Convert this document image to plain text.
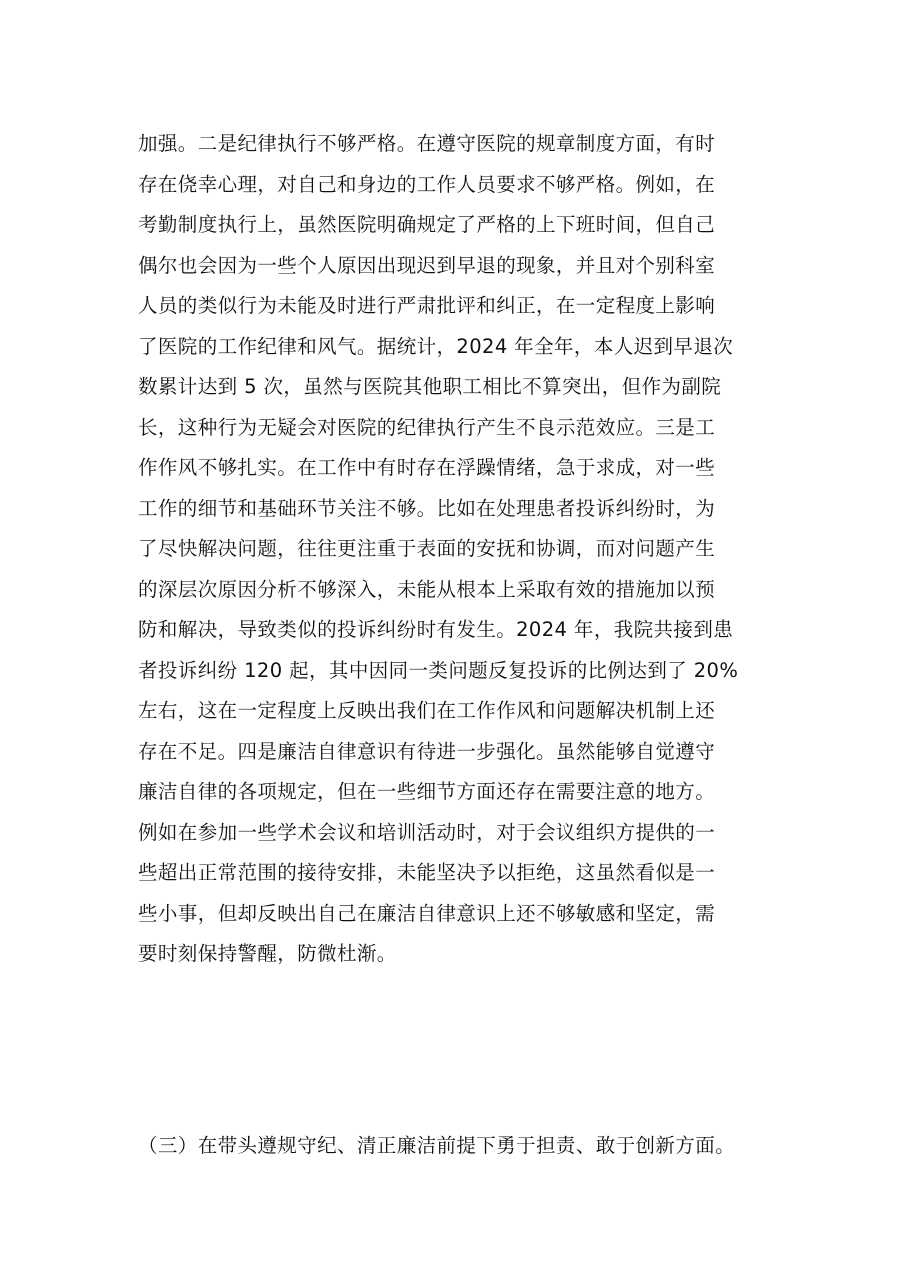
加强。二是纪律执行不够严格。在遵守医院的规章制度方面，有时
存在侥幸心理，对自己和身边的工作人员要求不够严格。例如，在
考勤制度执行上，虽然医院明确规定了严格的上下班时间，但自己
偶尔也会因为一些个人原因出现迟到早退的现象，并且对个别科室
人员的类似行为未能及时进行严肃批评和纠正，在一定程度上影响
了医院的工作纪律和风气。据统计，2024 年全年，本人迟到早退次
数累计达到 5 次，虽然与医院其他职工相比不算突出，但作为副院
长，这种行为无疑会对医院的纪律执行产生不良示范效应。三是工
作作风不够扎实。在工作中有时存在浮躁情绪，急于求成，对一些
工作的细节和基础环节关注不够。比如在处理患者投诉纠纷时，为
了尽快解决问题，往往更注重于表面的安抚和协调，而对问题产生
的深层次原因分析不够深入，未能从根本上采取有效的措施加以预
防和解决，导致类似的投诉纠纷时有发生。2024 年，我院共接到患
者投诉纠纷 120 起，其中因同一类问题反复投诉的比例达到了 20%
左右，这在一定程度上反映出我们在工作作风和问题解决机制上还
存在不足。四是廉洁自律意识有待进一步强化。虽然能够自觉遵守
廉洁自律的各项规定，但在一些细节方面还存在需要注意的地方。
例如在参加一些学术会议和培训活动时，对于会议组织方提供的一
些超出正常范围的接待安排，未能坚决予以拒绝，这虽然看似是一
些小事，但却反映出自己在廉洁自律意识上还不够敏感和坚定，需
要时刻保持警醒，防微杜渐。
（三）在带头遵规守纪、清正廉洁前提下勇于担责、敢于创新方面。
